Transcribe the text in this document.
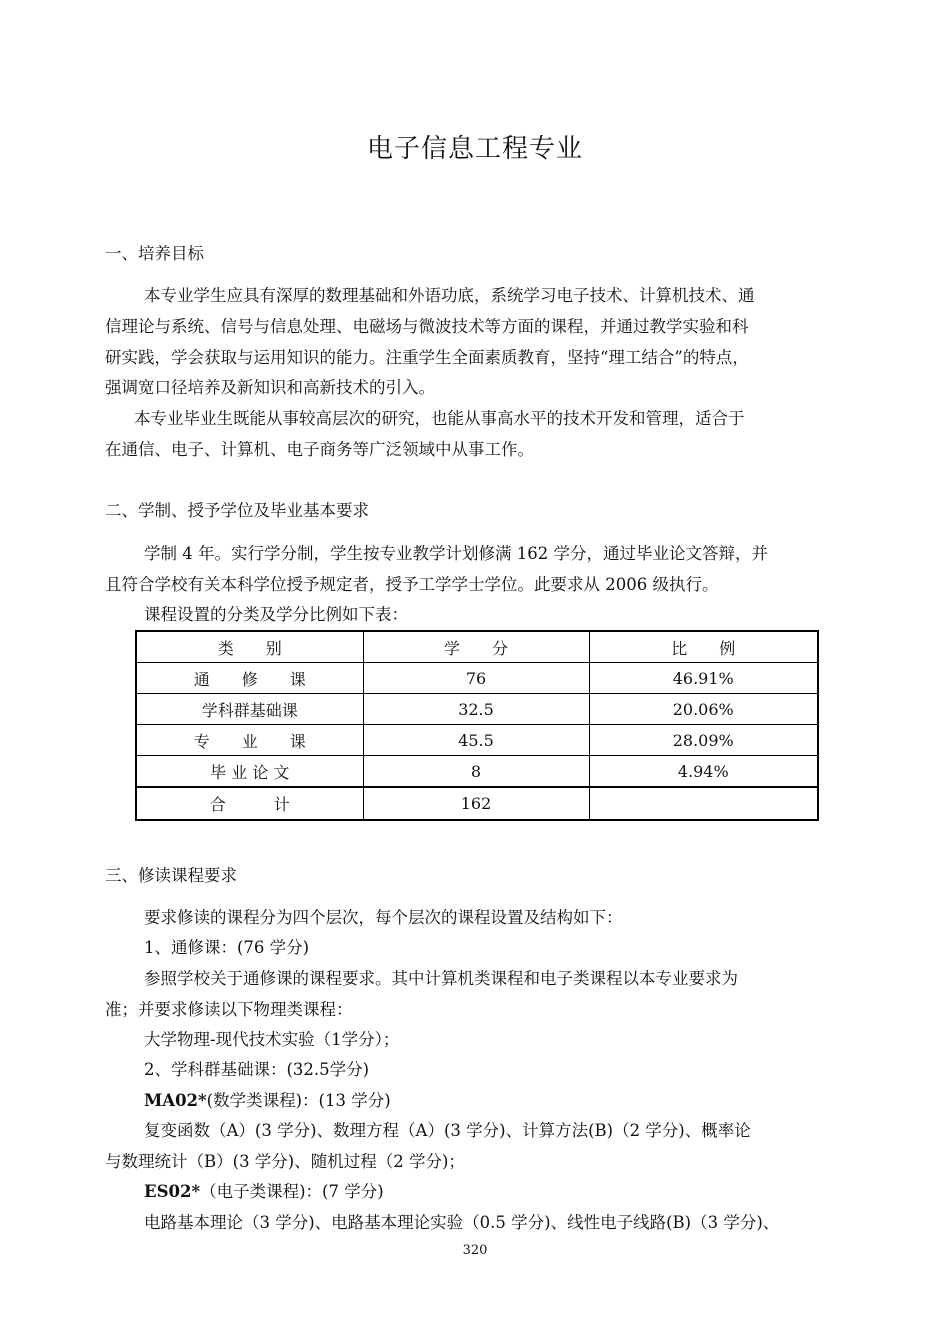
电子信息工程专业
一、培养目标
本专业学生应具有深厚的数理基础和外语功底，系统学习电子技术、计算机技术、通
信理论与系统、信号与信息处理、电磁场与微波技术等方面的课程，并通过教学实验和科
研实践，学会获取与运用知识的能力。注重学生全面素质教育，坚持“理工结合”的特点，
强调宽口径培养及新知识和高新技术的引入。
本专业毕业生既能从事较高层次的研究，也能从事高水平的技术开发和管理，适合于
在通信、电子、计算机、电子商务等广泛领域中从事工作。
二、学制、授予学位及毕业基本要求
学制 4 年。实行学分制，学生按专业教学计划修满 162 学分，通过毕业论文答辩，并
且符合学校有关本科学位授予规定者，授予工学学士学位。此要求从 2006 级执行。
课程设置的分类及学分比例如下表：
类　　别	学　　分	比　　例
通　　修　　课	76	46.91%
学科群基础课	32.5	20.06%
专　　业　　课	45.5	28.09%
毕 业 论 文	8	4.94%
合　　　计	162	
三、修读课程要求
要求修读的课程分为四个层次，每个层次的课程设置及结构如下：
1、通修课：(76 学分)
参照学校关于通修课的课程要求。其中计算机类课程和电子类课程以本专业要求为
准；并要求修读以下物理类课程：
大学物理-现代技术实验（1学分）；
2、学科群基础课：(32.5学分)
MA02*(数学类课程)：(13 学分)
复变函数（A）(3 学分)、数理方程（A）(3 学分)、计算方法(B)（2 学分)、概率论
与数理统计（B）(3 学分)、随机过程（2 学分)；
ES02*（电子类课程)：(7 学分)
电路基本理论（3 学分)、电路基本理论实验（0.5 学分)、线性电子线路(B)（3 学分)、
320
